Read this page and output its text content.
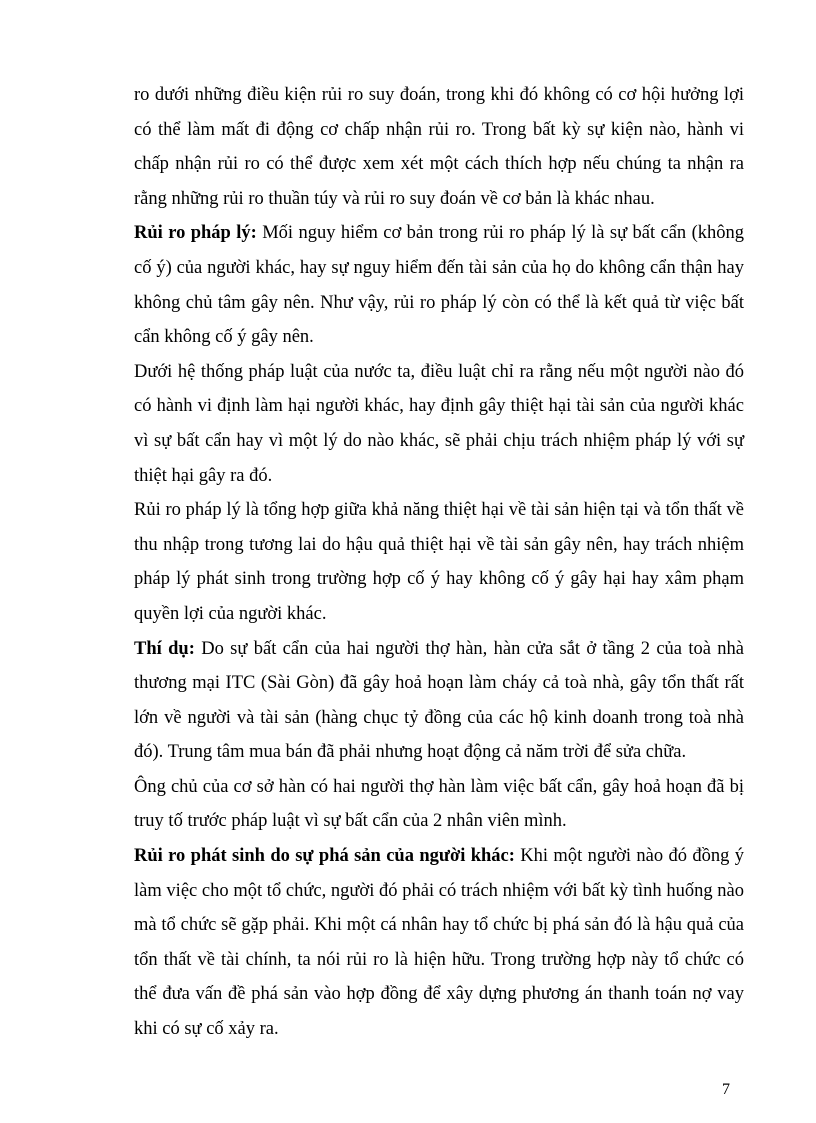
ro dưới những điều kiện rủi ro suy đoán, trong khi đó không có cơ hội hưởng lợi có thể làm mất đi động cơ chấp nhận rủi ro. Trong bất kỳ sự kiện nào, hành vi chấp nhận rủi ro có thể được xem xét một cách thích hợp nếu chúng ta nhận ra rằng những rủi ro thuần túy và rủi ro suy đoán về cơ bản là khác nhau.

Rủi ro pháp lý: Mối nguy hiểm cơ bản trong rủi ro pháp lý là sự bất cẩn (không cố ý) của người khác, hay sự nguy hiểm đến tài sản của họ do không cẩn thận hay không chủ tâm gây nên. Như vậy, rủi ro pháp lý còn có thể là kết quả từ việc bất cẩn không cố ý gây nên.

Dưới hệ thống pháp luật của nước ta, điều luật chỉ ra rằng nếu một người nào đó có hành vi định làm hại người khác, hay định gây thiệt hại tài sản của người khác vì sự bất cẩn hay vì một lý do nào khác, sẽ phải chịu trách nhiệm pháp lý với sự thiệt hại gây ra đó.

Rủi ro pháp lý là tổng hợp giữa khả năng thiệt hại về tài sản hiện tại và tổn thất về thu nhập trong tương lai do hậu quả thiệt hại về tài sản gây nên, hay trách nhiệm pháp lý phát sinh trong trường hợp cố ý hay không cố ý gây hại hay xâm phạm quyền lợi của người khác.

Thí dụ: Do sự bất cẩn của hai người thợ hàn, hàn cửa sắt ở tầng 2 của toà nhà thương mại ITC (Sài Gòn) đã gây hoả hoạn làm cháy cả toà nhà, gây tổn thất rất lớn về người và tài sản (hàng chục tỷ đồng của các hộ kinh doanh trong toà nhà đó). Trung tâm mua bán đã phải nhưng hoạt động cả năm trời để sửa chữa.

Ông chủ của cơ sở hàn có hai người thợ hàn làm việc bất cẩn, gây hoả hoạn đã bị truy tố trước pháp luật vì sự bất cẩn của 2 nhân viên mình.

Rủi ro phát sinh do sự phá sản của người khác: Khi một người nào đó đồng ý làm việc cho một tổ chức, người đó phải có trách nhiệm với bất kỳ tình huống nào mà tổ chức sẽ gặp phải. Khi một cá nhân hay tổ chức bị phá sản đó là hậu quả của tổn thất về tài chính, ta nói rủi ro là hiện hữu. Trong trường hợp này tổ chức có thể đưa vấn đề phá sản vào hợp đồng để xây dựng phương án thanh toán nợ vay khi có sự cố xảy ra.

7
